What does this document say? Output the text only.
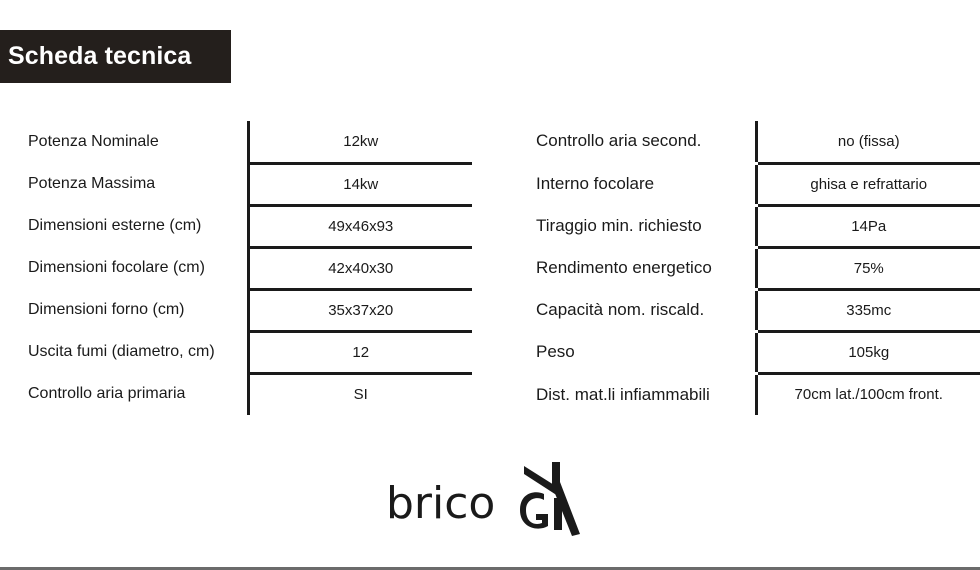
Scheda tecnica
Potenza Nominale	12kw
Potenza Massima	14kw
Dimensioni esterne (cm)	49x46x93
Dimensioni focolare (cm)	42x40x30
Dimensioni forno (cm)	35x37x20
Uscita fumi (diametro, cm)	12
Controllo aria primaria	SI
Controllo aria second.	no (fissa)
Interno focolare	ghisa e refrattario
Tiraggio min. richiesto	14Pa
Rendimento energetico	75%
Capacità nom. riscald.	335mc
Peso	105kg
Dist. mat.li infiammabili	70cm lat./100cm front.
brico
